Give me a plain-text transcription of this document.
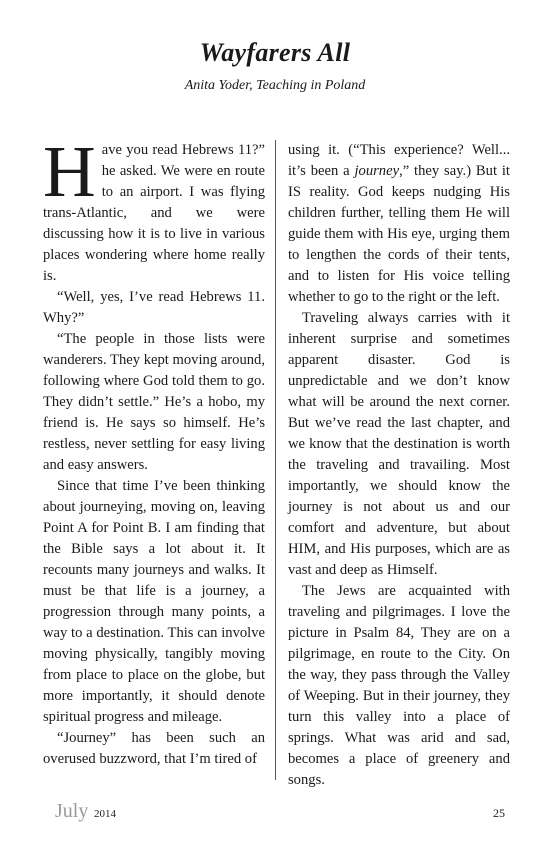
Wayfarers All
Anita Yoder, Teaching in Poland

Have you read Hebrews 11?” he asked. We were en route to an airport. I was flying trans-Atlantic, and we were discussing how it is to live in various places wondering where home really is.

“Well, yes, I’ve read Hebrews 11. Why?”

“The people in those lists were wanderers. They kept moving around, following where God told them to go. They didn’t settle.” He’s a hobo, my friend is. He says so himself. He’s restless, never settling for easy living and easy answers.

Since that time I’ve been thinking about journeying, moving on, leaving Point A for Point B. I am finding that the Bible says a lot about it. It recounts many journeys and walks. It must be that life is a journey, a progression through many points, a way to a destination. This can involve moving physically, tangibly moving from place to place on the globe, but more importantly, it should denote spiritual progress and mileage.

“Journey” has been such an overused buzzword, that I’m tired of

using it. (“This experience? Well... it’s been a journey,” they say.) But it IS reality. God keeps nudging His children further, telling them He will guide them with His eye, urging them to lengthen the cords of their tents, and to listen for His voice telling whether to go to the right or the left.

Traveling always carries with it inherent surprise and sometimes apparent disaster. God is unpredictable and we don’t know what will be around the next corner. But we’ve read the last chapter, and we know that the destination is worth the traveling and travailing. Most importantly, we should know the journey is not about us and our comfort and adventure, but about HIM, and His purposes, which are as vast and deep as Himself.

The Jews are acquainted with traveling and pilgrimages. I love the picture in Psalm 84, They are on a pilgrimage, en route to the City. On the way, they pass through the Valley of Weeping. But in their journey, they turn this valley into a place of springs. What was arid and sad, becomes a place of greenery and songs.

July 2014	25
